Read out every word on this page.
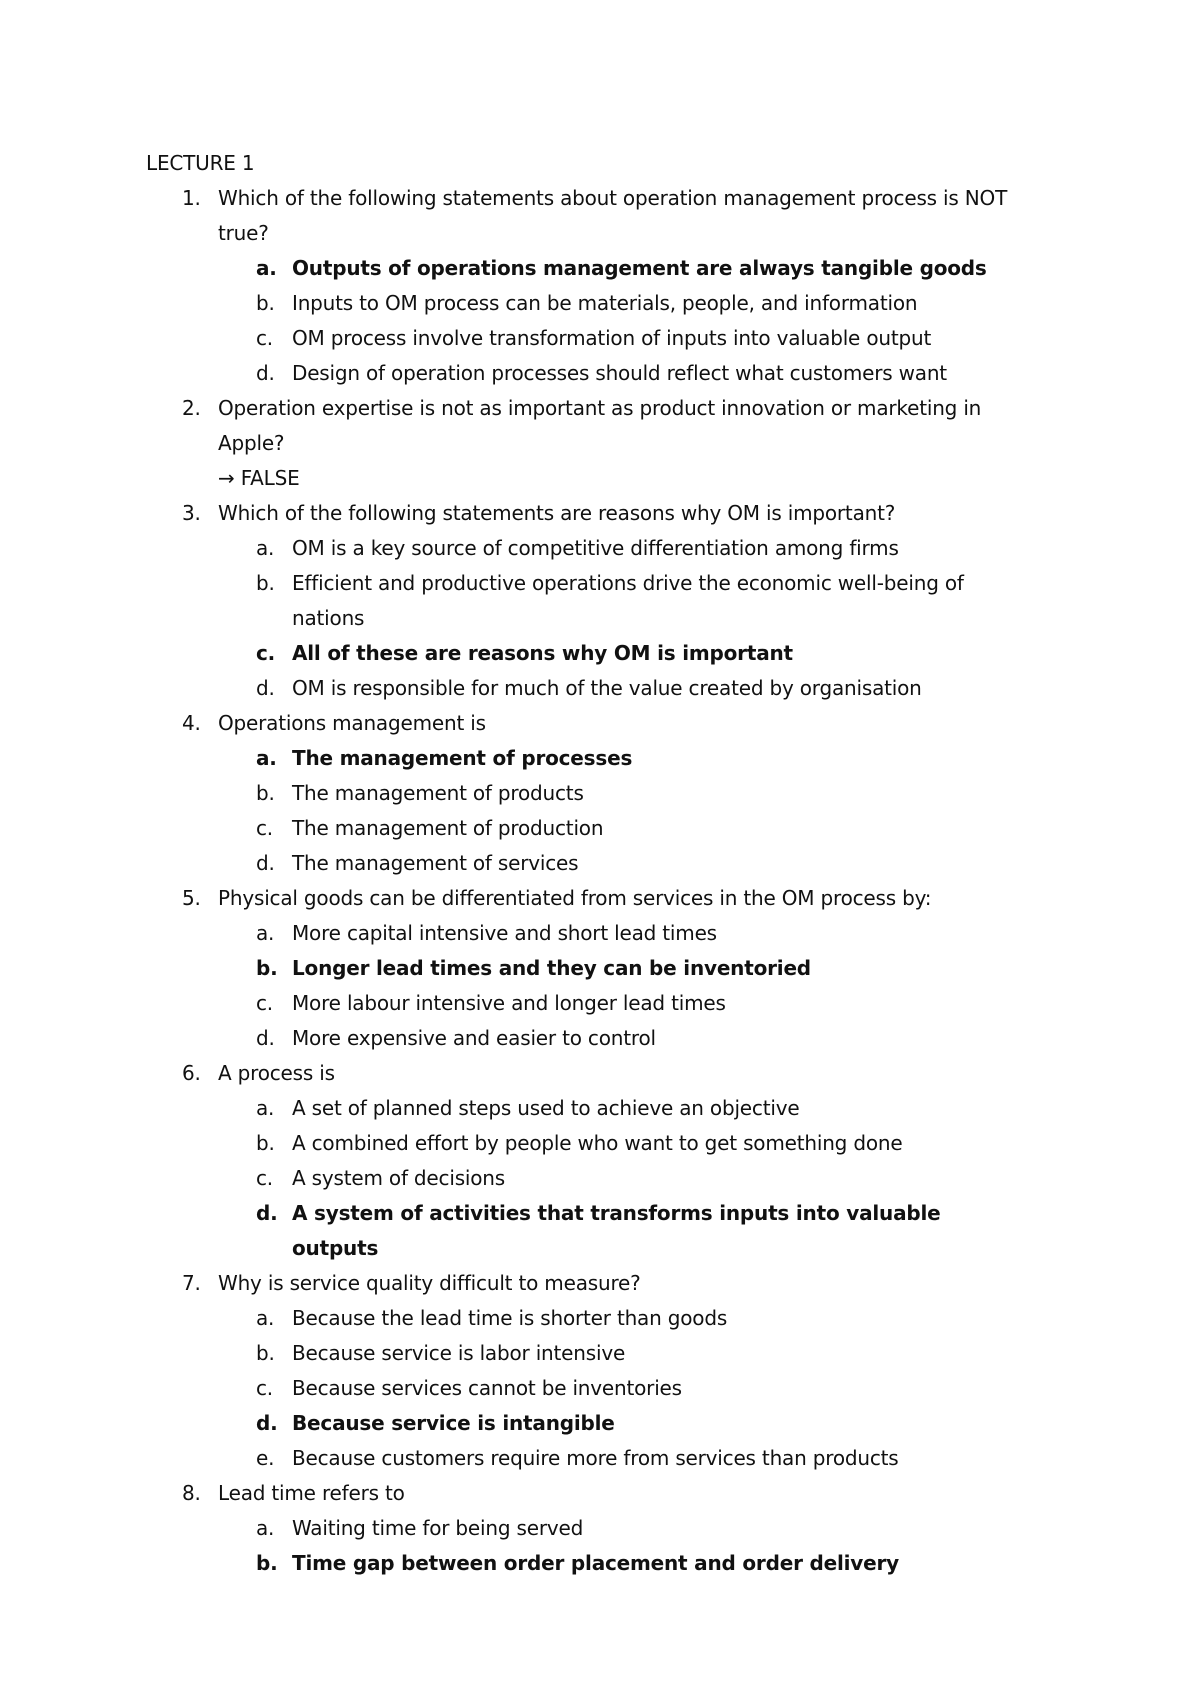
LECTURE 1
1. Which of the following statements about operation management process is NOT true?
a. Outputs of operations management are always tangible goods
b. Inputs to OM process can be materials, people, and information
c. OM process involve transformation of inputs into valuable output
d. Design of operation processes should reflect what customers want
2. Operation expertise is not as important as product innovation or marketing in Apple?
→ FALSE
3. Which of the following statements are reasons why OM is important?
a. OM is a key source of competitive differentiation among firms
b. Efficient and productive operations drive the economic well-being of nations
c. All of these are reasons why OM is important
d. OM is responsible for much of the value created by organisation
4. Operations management is
a. The management of processes
b. The management of products
c. The management of production
d. The management of services
5. Physical goods can be differentiated from services in the OM process by:
a. More capital intensive and short lead times
b. Longer lead times and they can be inventoried
c. More labour intensive and longer lead times
d. More expensive and easier to control
6. A process is
a. A set of planned steps used to achieve an objective
b. A combined effort by people who want to get something done
c. A system of decisions
d. A system of activities that transforms inputs into valuable outputs
7. Why is service quality difficult to measure?
a. Because the lead time is shorter than goods
b. Because service is labor intensive
c. Because services cannot be inventories
d. Because service is intangible
e. Because customers require more from services than products
8. Lead time refers to
a. Waiting time for being served
b. Time gap between order placement and order delivery
